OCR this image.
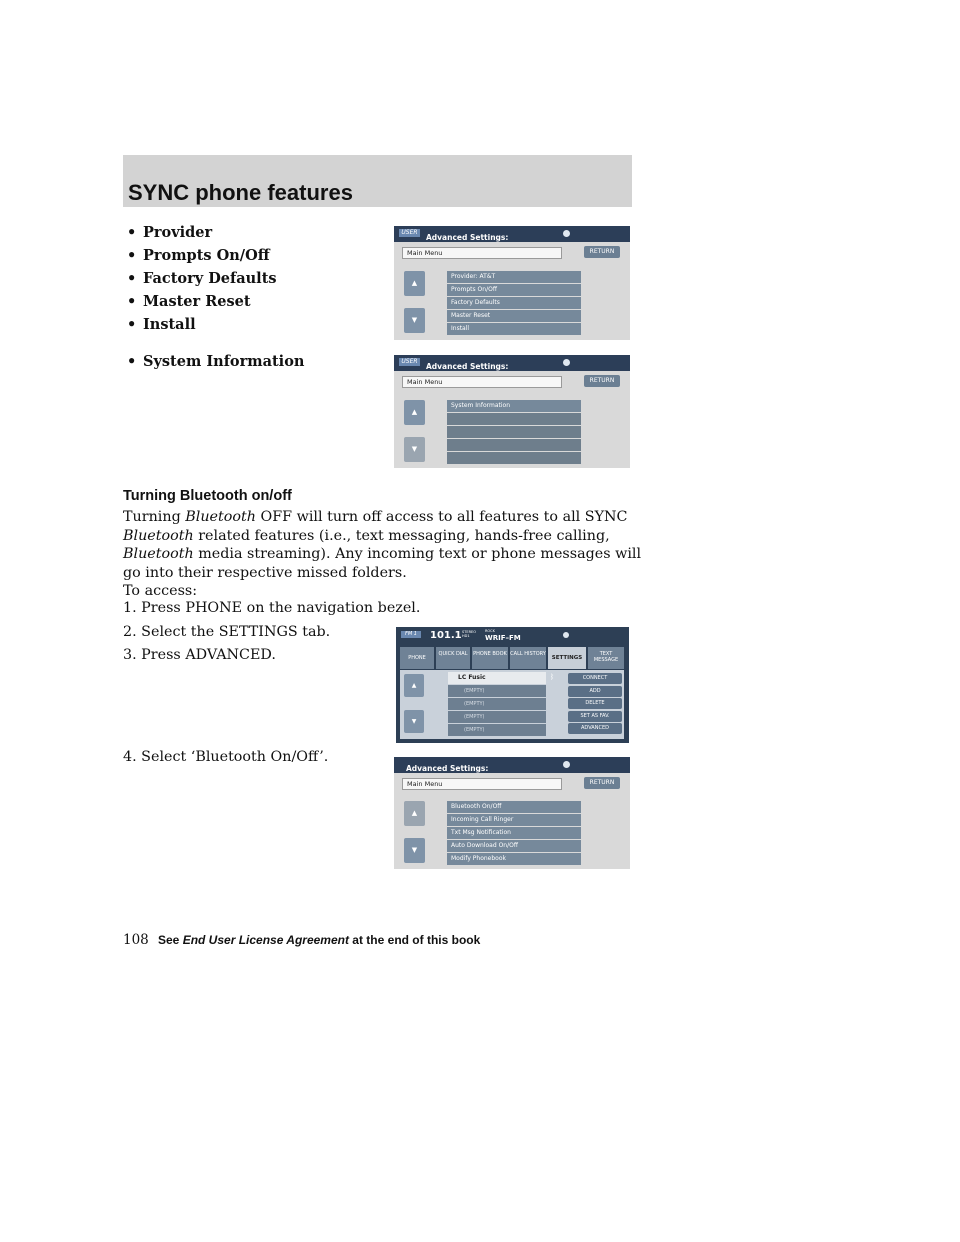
SYNC phone features
• Provider
• Prompts On/Off
• Factory Defaults
• Master Reset
• Install
• System Information
USER
Advanced Settings:
Main Menu	RETURN
▲
▼
Provider: AT&T
Prompts On/Off
Factory Defaults
Master Reset
Install
USER
Advanced Settings:
Main Menu	RETURN
▲
▼
System Information
Turning Bluetooth on/off
Turning Bluetooth OFF will turn off access to all features to all SYNC
Bluetooth related features (i.e., text messaging, hands-free calling,
Bluetooth media streaming). Any incoming text or phone messages will
go into their respective missed folders.
To access:
1. Press PHONE on the navigation bezel.
2. Select the SETTINGS tab.
3. Press ADVANCED.
4. Select ‘Bluetooth On/Off’.
FM 1	101.1 STEREO
HD1
ROCK
WRIF–FM
PHONE
QUICK DIAL	PHONE BOOK CALL HISTORY
SETTINGS
TEXT MESSAGE
▲
▼
LC Fusic
(EMPTY)
(EMPTY)
(EMPTY)
(EMPTY)
ᛒ	CONNECT
ADD
DELETE
SET AS FAV.
ADVANCED
Advanced Settings:
Main Menu	RETURN
▲
▼
Bluetooth On/Off
Incoming Call Ringer
Txt Msg Notification
Auto Download On/Off
Modify Phonebook
108 See End User License Agreement at the end of this book
